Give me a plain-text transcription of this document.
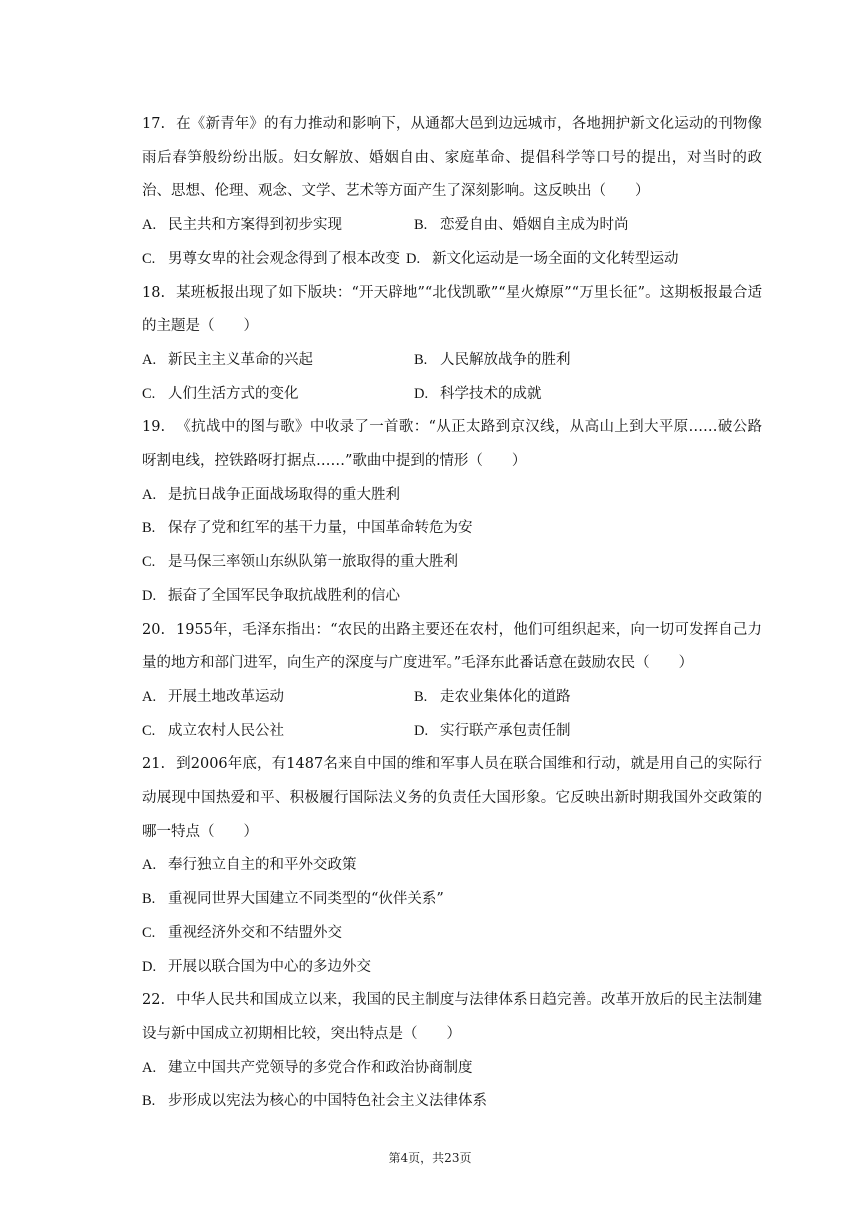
17. 在《新青年》的有力推动和影响下，从通都大邑到边远城市，各地拥护新文化运动的刊物像雨后春笋般纷纷出版。妇女解放、婚姻自由、家庭革命、提倡科学等口号的提出，对当时的政治、思想、伦理、观念、文学、艺术等方面产生了深刻影响。这反映出（　　）

A. 民主共和方案得到初步实现	B. 恋爱自由、婚姻自主成为时尚
C. 男尊女卑的社会观念得到了根本改变 D. 新文化运动是一场全面的文化转型运动

18. 某班板报出现了如下版块：“开天辟地”“北伐凯歌”“星火燎原”“万里长征”。这期板报最合适的主题是（　　）

A. 新民主主义革命的兴起	B. 人民解放战争的胜利
C. 人们生活方式的变化	D. 科学技术的成就

19. 《抗战中的图与歌》中收录了一首歌：“从正太路到京汉线，从高山上到大平原……破公路呀割电线，控铁路呀打据点……”歌曲中提到的情形（　　）

A. 是抗日战争正面战场取得的重大胜利
B. 保存了党和红军的基干力量，中国革命转危为安
C. 是马保三率领山东纵队第一旅取得的重大胜利
D. 振奋了全国军民争取抗战胜利的信心

20. 1955年，毛泽东指出：“农民的出路主要还在农村，他们可组织起来，向一切可发挥自己力量的地方和部门进军，向生产的深度与广度进军。”毛泽东此番话意在鼓励农民（　　）

A. 开展土地改革运动	B. 走农业集体化的道路
C. 成立农村人民公社	D. 实行联产承包责任制

21. 到2006年底，有1487名来自中国的维和军事人员在联合国维和行动，就是用自己的实际行动展现中国热爱和平、积极履行国际法义务的负责任大国形象。它反映出新时期我国外交政策的哪一特点（　　）

A. 奉行独立自主的和平外交政策
B. 重视同世界大国建立不同类型的“伙伴关系”
C. 重视经济外交和不结盟外交
D. 开展以联合国为中心的多边外交

22. 中华人民共和国成立以来，我国的民主制度与法律体系日趋完善。改革开放后的民主法制建设与新中国成立初期相比较，突出特点是（　　）

A. 建立中国共产党领导的多党合作和政治协商制度
B. 步形成以宪法为核心的中国特色社会主义法律体系
第4页，共23页
